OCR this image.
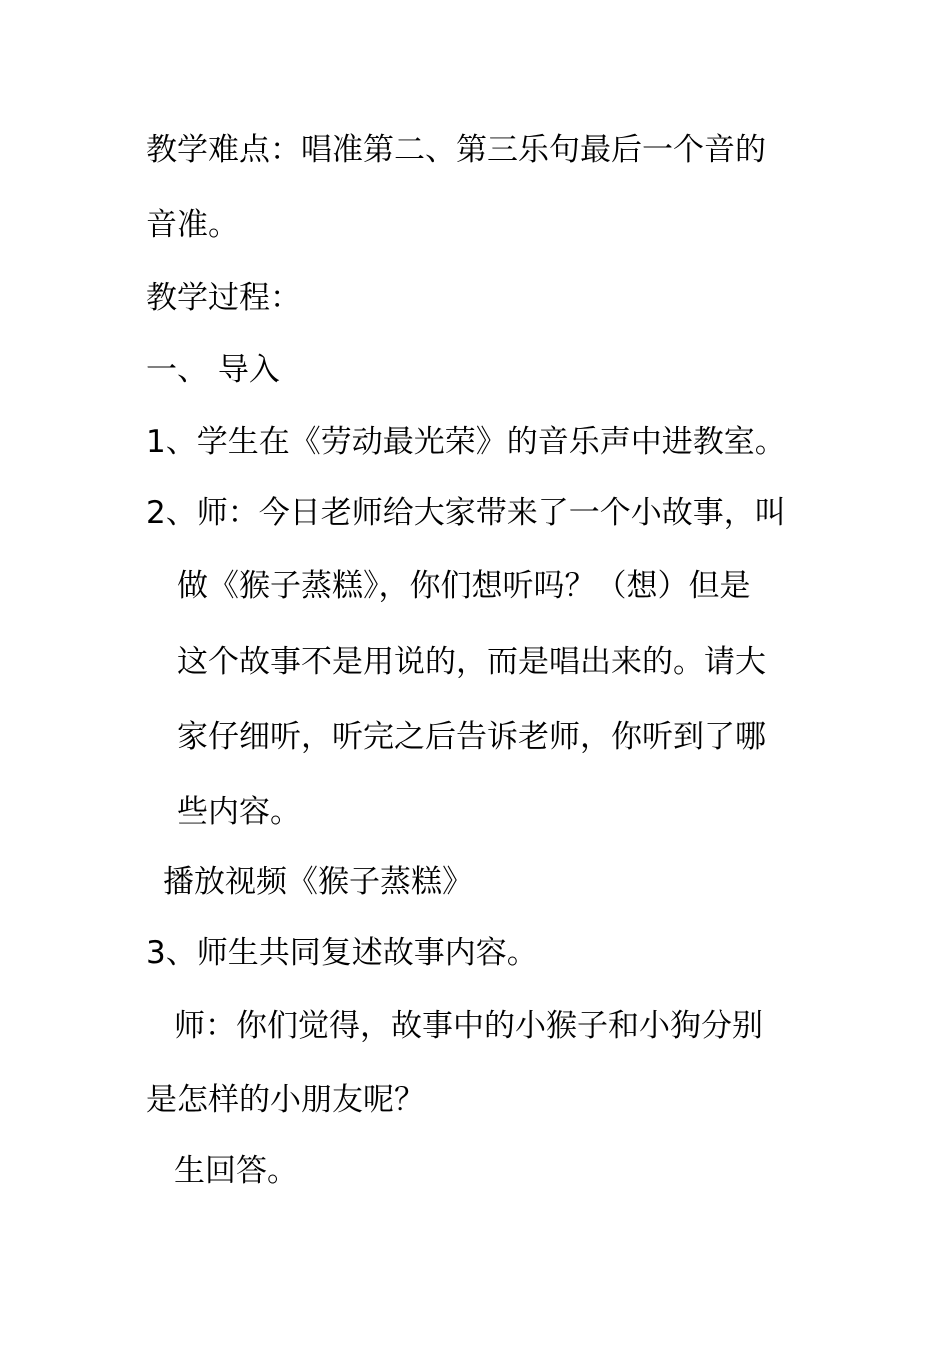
教学难点：唱准第二、第三乐句最后一个音的
音准。
教学过程：
一、 导入
1、学生在《劳动最光荣》的音乐声中进教室。
2、师：今日老师给大家带来了一个小故事，叫
做《猴子蒸糕》，你们想听吗？（想）但是
这个故事不是用说的，而是唱出来的。请大
家仔细听，听完之后告诉老师，你听到了哪
些内容。
播放视频《猴子蒸糕》
3、师生共同复述故事内容。
师：你们觉得，故事中的小猴子和小狗分别
是怎样的小朋友呢？
生回答。
